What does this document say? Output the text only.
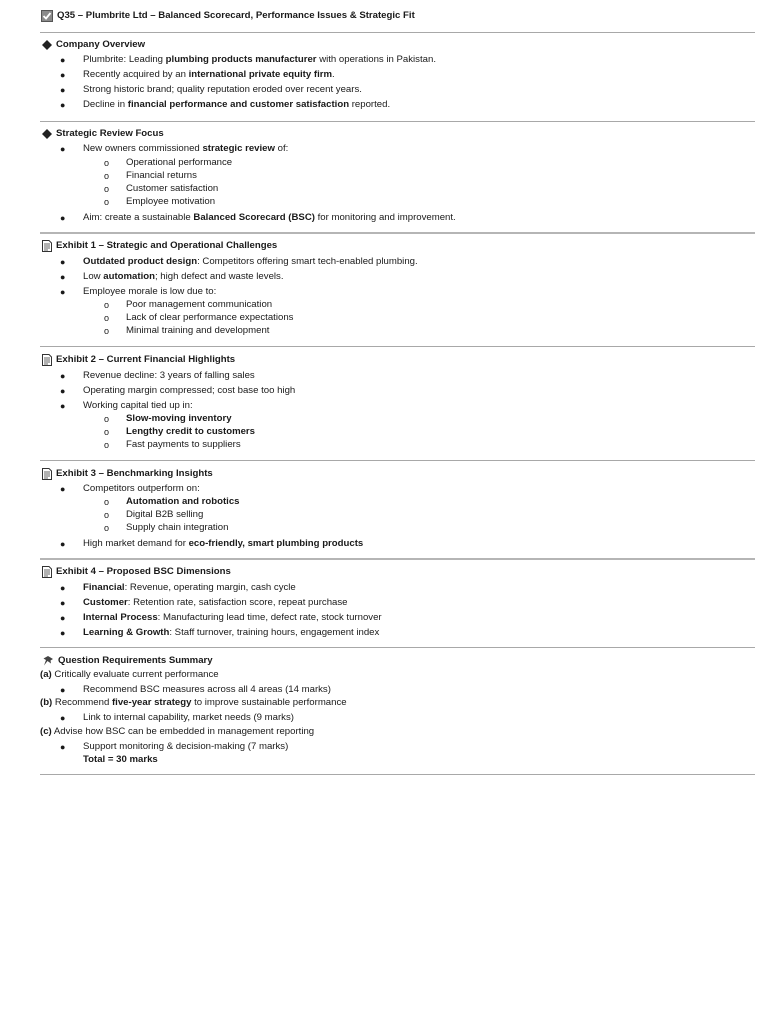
Q35 – Plumbrite Ltd – Balanced Scorecard, Performance Issues & Strategic Fit
Company Overview
●	Plumbrite: Leading plumbing products manufacturer with operations in Pakistan.
●	Recently acquired by an international private equity firm.
●	Strong historic brand; quality reputation eroded over recent years.
●	Decline in financial performance and customer satisfaction reported.
Strategic Review Focus
●	New owners commissioned strategic review of:
o	Operational performance
o	Financial returns
o	Customer satisfaction
o	Employee motivation
●	Aim: create a sustainable Balanced Scorecard (BSC) for monitoring and improvement.
Exhibit 1 – Strategic and Operational Challenges
●	Outdated product design: Competitors offering smart tech-enabled plumbing.
●	Low automation; high defect and waste levels.
●	Employee morale is low due to:
o	Poor management communication
o	Lack of clear performance expectations
o	Minimal training and development
Exhibit 2 – Current Financial Highlights
●	Revenue decline: 3 years of falling sales
●	Operating margin compressed; cost base too high
●	Working capital tied up in:
o	Slow-moving inventory
o	Lengthy credit to customers
o	Fast payments to suppliers
Exhibit 3 – Benchmarking Insights
●	Competitors outperform on:
o	Automation and robotics
o	Digital B2B selling
o	Supply chain integration
●	High market demand for eco-friendly, smart plumbing products
Exhibit 4 – Proposed BSC Dimensions
●	Financial: Revenue, operating margin, cash cycle
●	Customer: Retention rate, satisfaction score, repeat purchase
●	Internal Process: Manufacturing lead time, defect rate, stock turnover
●	Learning & Growth: Staff turnover, training hours, engagement index
Question Requirements Summary
(a) Critically evaluate current performance
●	Recommend BSC measures across all 4 areas (14 marks)
(b) Recommend five-year strategy to improve sustainable performance
●	Link to internal capability, market needs (9 marks)
(c) Advise how BSC can be embedded in management reporting
●	Support monitoring & decision-making (7 marks)
Total = 30 marks
